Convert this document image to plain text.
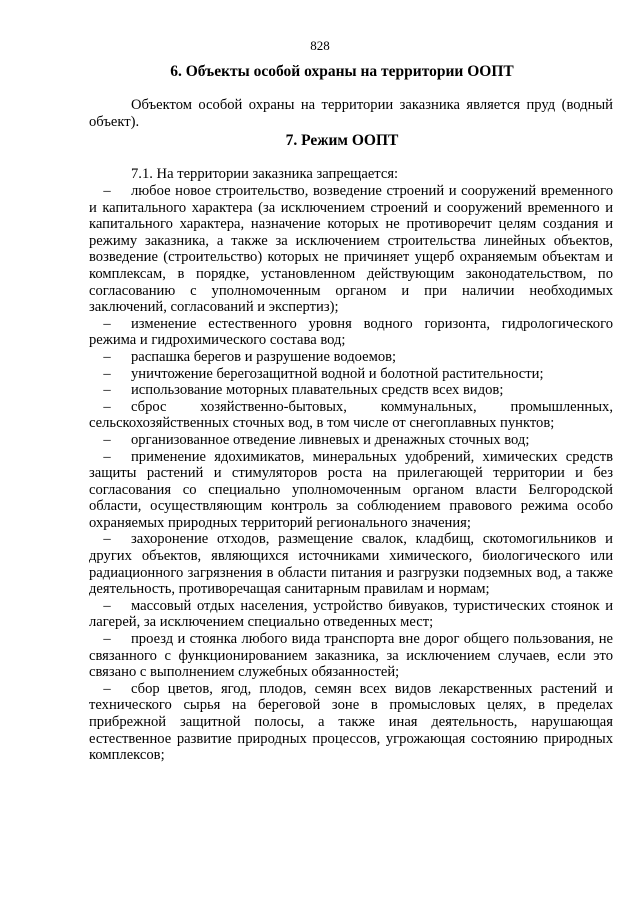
828
6. Объекты особой охраны на территории ООПТ
Объектом особой охраны на территории заказника является пруд (водный объект).
7. Режим ООПТ
7.1. На территории заказника запрещается:
–	любое новое строительство, возведение строений и сооружений временного и капитального характера (за исключением строений и сооружений временного и капитального характера, назначение которых не противоречит целям создания и режиму заказника, а также за исключением строительства линейных объектов, возведение (строительство) которых не причиняет ущерб охраняемым объектам и комплексам, в порядке, установленном действующим законодательством, по согласованию с уполномоченным органом и при наличии необходимых заключений, согласований и экспертиз);
–	изменение естественного уровня водного горизонта, гидрологического режима и гидрохимического состава вод;
–	распашка берегов и разрушение водоемов;
–	уничтожение берегозащитной водной и болотной растительности;
–	использование моторных плавательных средств всех видов;
–	сброс хозяйственно-бытовых, коммунальных, промышленных, сельскохозяйственных сточных вод, в том числе от снегоплавных пунктов;
–	организованное отведение ливневых и дренажных сточных вод;
–	применение ядохимикатов, минеральных удобрений, химических средств защиты растений и стимуляторов роста на прилегающей территории и без согласования со специально уполномоченным органом власти Белгородской области, осуществляющим контроль за соблюдением правового режима особо охраняемых природных территорий регионального значения;
–	захоронение отходов, размещение свалок, кладбищ, скотомогильников и других объектов, являющихся источниками химического, биологического или радиационного загрязнения в области питания и разгрузки подземных вод, а также деятельность, противоречащая санитарным правилам и нормам;
–	массовый отдых населения, устройство бивуаков, туристических стоянок и лагерей, за исключением специально отведенных мест;
–	проезд и стоянка любого вида транспорта вне дорог общего пользования, не связанного с функционированием заказника, за исключением случаев, если это связано с выполнением служебных обязанностей;
–	сбор цветов, ягод, плодов, семян всех видов лекарственных растений и технического сырья на береговой зоне в промысловых целях, в пределах прибрежной защитной полосы, а также иная деятельность, нарушающая естественное развитие природных процессов, угрожающая состоянию природных комплексов;
